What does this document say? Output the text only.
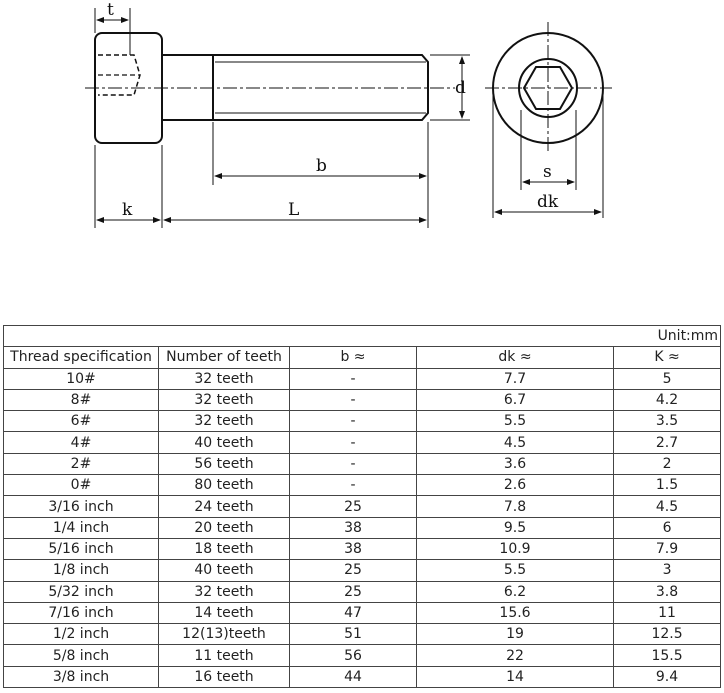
t
d
b
k	L
s
dk
Unit:mm				
Thread specification	Number of teeth	b ≈	dk ≈	K ≈
10#	32 teeth	-	7.7	5
8#	32 teeth	-	6.7	4.2
6#	32 teeth	-	5.5	3.5
4#	40 teeth	-	4.5	2.7
2#	56 teeth	-	3.6	2
0#	80 teeth	-	2.6	1.5
3/16 inch	24 teeth	25	7.8	4.5
1/4 inch	20 teeth	38	9.5	6
5/16 inch	18 teeth	38	10.9	7.9
1/8 inch	40 teeth	25	5.5	3
5/32 inch	32 teeth	25	6.2	3.8
7/16 inch	14 teeth	47	15.6	11
1/2 inch	12(13)teeth	51	19	12.5
5/8 inch	11 teeth	56	22	15.5
3/8 inch	16 teeth	44	14	9.4
